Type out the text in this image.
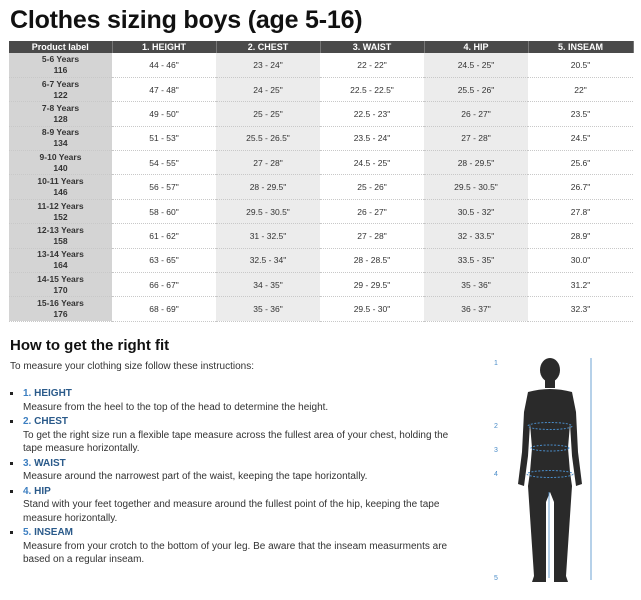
Clothes sizing boys (age 5-16)
Product label	1. HEIGHT	2. CHEST	3. WAIST	4. HIP	5. INSEAM

5-6 Years
116	44 - 46"	23 - 24"	22 - 22"	24.5 - 25"	20.5"

6-7 Years
122	47 - 48"	24 - 25"	22.5 - 22.5"	25.5 - 26"	22"

7-8 Years
128	49 - 50"	25 - 25"	22.5 - 23"	26 - 27"	23.5"

8-9 Years
134	51 - 53"	25.5 - 26.5"	23.5 - 24"	27 - 28"	24.5"

9-10 Years
140	54 - 55"	27 - 28"	24.5 - 25"	28 - 29.5"	25.6"

10-11 Years
146	56 - 57"	28 - 29.5"	25 - 26"	29.5 - 30.5"	26.7"

11-12 Years
152	58 - 60"	29.5 - 30.5"	26 - 27"	30.5 - 32"	27.8"

12-13 Years
158	61 - 62"	31 - 32.5"	27 - 28"	32 - 33.5"	28.9"

13-14 Years
164	63 - 65"	32.5 - 34"	28 - 28.5"	33.5 - 35"	30.0"

14-15 Years
170	66 - 67"	34 - 35"	29 - 29.5"	35 - 36"	31.2"

15-16 Years
176	68 - 69"	35 - 36"	29.5 - 30"	36 - 37"	32.3"
How to get the right fit
To measure your clothing size follow these instructions:
1. HEIGHT
Measure from the heel to the top of the head to determine the height.
2. CHEST
To get the right size run a flexible tape measure across the fullest area of your chest, holding the tape measure horizontally.
3. WAIST
Measure around the narrowest part of the waist, keeping the tape horizontally.
4. HIP
Stand with your feet together and measure around the fullest point of the hip, keeping the tape measure horizontally.
5. INSEAM
Measure from your crotch to the bottom of your leg. Be aware that the inseam measurments are based on a regular inseam.
1
2
3
4
5
